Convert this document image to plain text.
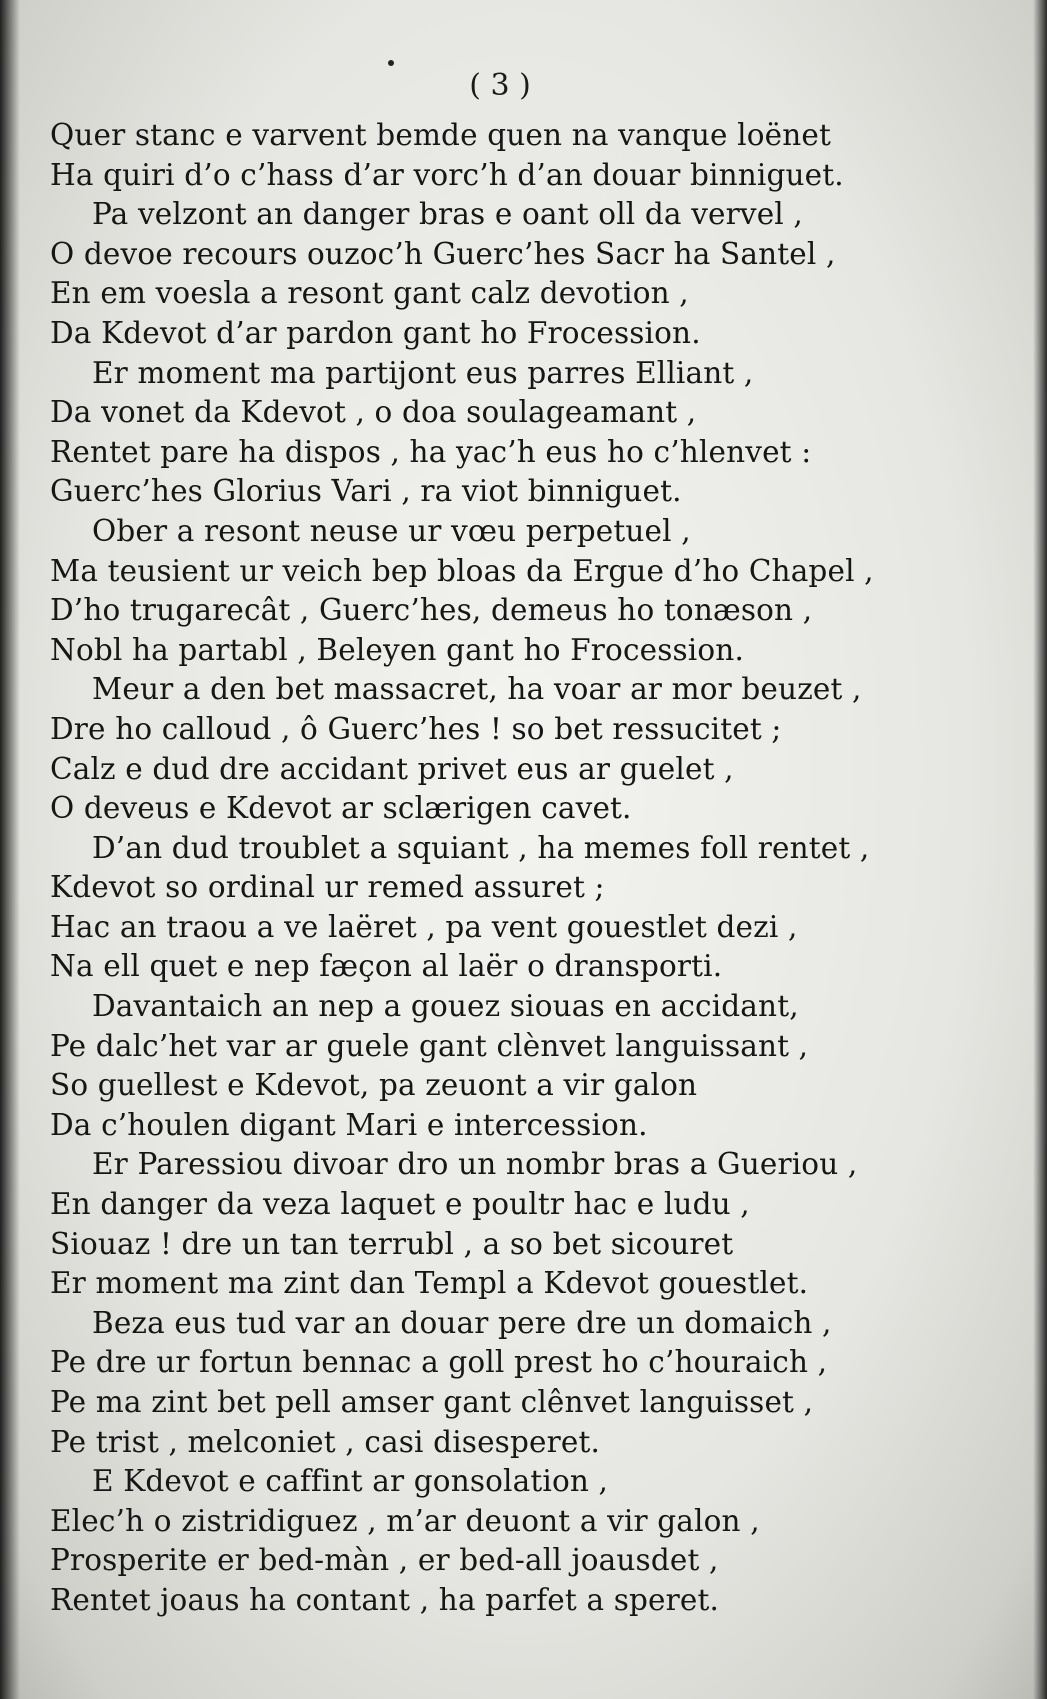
( 3 )
Quer stanc e varvent bemde quen na vanque loënet
Ha quiri d’o c’hass d’ar vorc’h d’an douar binniguet.
Pa velzont an danger bras e oant oll da vervel ,
O devoe recours ouzoc’h Guerc’hes Sacr ha Santel ,
En em voesla a resont gant calz devotion ,
Da Kdevot d’ar pardon gant ho Frocession.
Er moment ma partijont eus parres Elliant ,
Da vonet da Kdevot , o doa soulageamant ,
Rentet pare ha dispos , ha yac’h eus ho c’hlenvet :
Guerc’hes Glorius Vari , ra viot binniguet.
Ober a resont neuse ur vœu perpetuel ,
Ma teusient ur veich bep bloas da Ergue d’ho Chapel ,
D’ho trugarecât , Guerc’hes, demeus ho tonæson ,
Nobl ha partabl , Beleyen gant ho Frocession.
Meur a den bet massacret, ha voar ar mor beuzet ,
Dre ho calloud , ô Guerc’hes ! so bet ressucitet ;
Calz e dud dre accidant privet eus ar guelet ,
O deveus e Kdevot ar sclærigen cavet.
D’an dud troublet a squiant , ha memes foll rentet ,
Kdevot so ordinal ur remed assuret ;
Hac an traou a ve laëret , pa vent gouestlet dezi ,
Na ell quet e nep fæçon al laër o dransporti.
Davantaich an nep a gouez siouas en accidant,
Pe dalc’het var ar guele gant clènvet languissant ,
So guellest e Kdevot, pa zeuont a vir galon
Da c’houlen digant Mari e intercession.
Er Paressiou divoar dro un nombr bras a Gueriou ,
En danger da veza laquet e poultr hac e ludu ,
Siouaz ! dre un tan terrubl , a so bet sicouret
Er moment ma zint dan Templ a Kdevot gouestlet.
Beza eus tud var an douar pere dre un domaich ,
Pe dre ur fortun bennac a goll prest ho c’houraich ,
Pe ma zint bet pell amser gant clênvet languisset ,
Pe trist , melconiet , casi disesperet.
E Kdevot e caffint ar gonsolation ,
Elec’h o zistridiguez , m’ar deuont a vir galon ,
Prosperite er bed-màn , er bed-all joausdet ,
Rentet joaus ha contant , ha parfet a speret.
